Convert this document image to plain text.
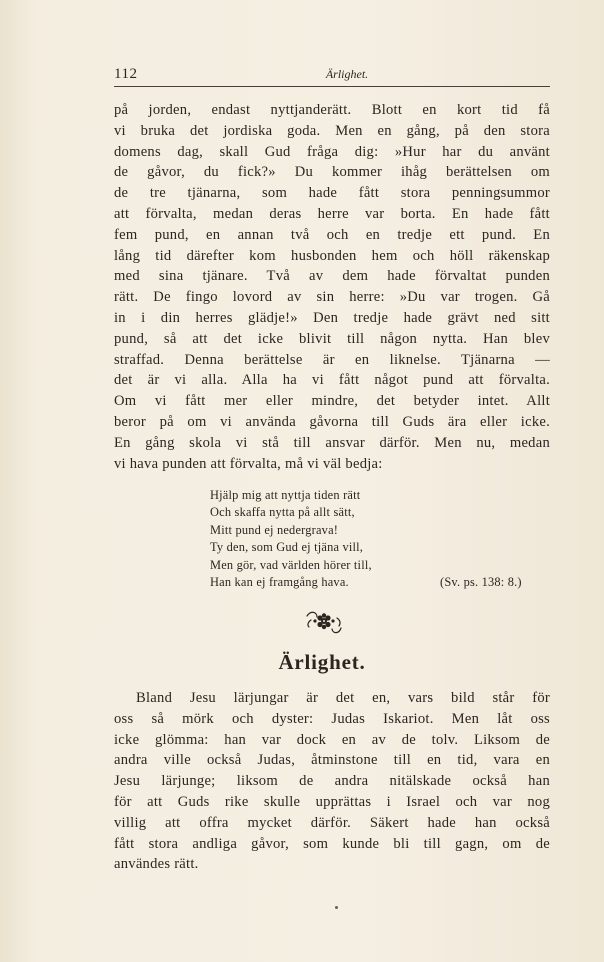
112	Ärlighet.
på jorden, endast nyttjanderätt. Blott en kort tid få
vi bruka det jordiska goda. Men en gång, på den stora
domens dag, skall Gud fråga dig: »Hur har du använt
de gåvor, du fick?» Du kommer ihåg berättelsen om
de tre tjänarna, som hade fått stora penningsummor
att förvalta, medan deras herre var borta. En hade fått
fem pund, en annan två och en tredje ett pund. En
lång tid därefter kom husbonden hem och höll räkenskap
med sina tjänare. Två av dem hade förvaltat punden
rätt. De fingo lovord av sin herre: »Du var trogen. Gå
in i din herres glädje!» Den tredje hade grävt ned sitt
pund, så att det icke blivit till någon nytta. Han blev
straffad. Denna berättelse är en liknelse. Tjänarna —
det är vi alla. Alla ha vi fått något pund att förvalta.
Om vi fått mer eller mindre, det betyder intet. Allt
beror på om vi använda gåvorna till Guds ära eller icke.
En gång skola vi stå till ansvar därför. Men nu, medan
vi hava punden att förvalta, må vi väl bedja:
Hjälp mig att nyttja tiden rätt
Och skaffa nytta på allt sätt,
Mitt pund ej nedergrava!
Ty den, som Gud ej tjäna vill,
Men gör, vad världen hörer till,
Han kan ej framgång hava.	(Sv. ps. 138: 8.)
Ärlighet.
Bland Jesu lärjungar är det en, vars bild står för
oss så mörk och dyster: Judas Iskariot. Men låt oss
icke glömma: han var dock en av de tolv. Liksom de
andra ville också Judas, åtminstone till en tid, vara en
Jesu lärjunge; liksom de andra nitälskade också han
för att Guds rike skulle upprättas i Israel och var nog
villig att offra mycket därför. Säkert hade han också
fått stora andliga gåvor, som kunde bli till gagn, om de
användes rätt.
